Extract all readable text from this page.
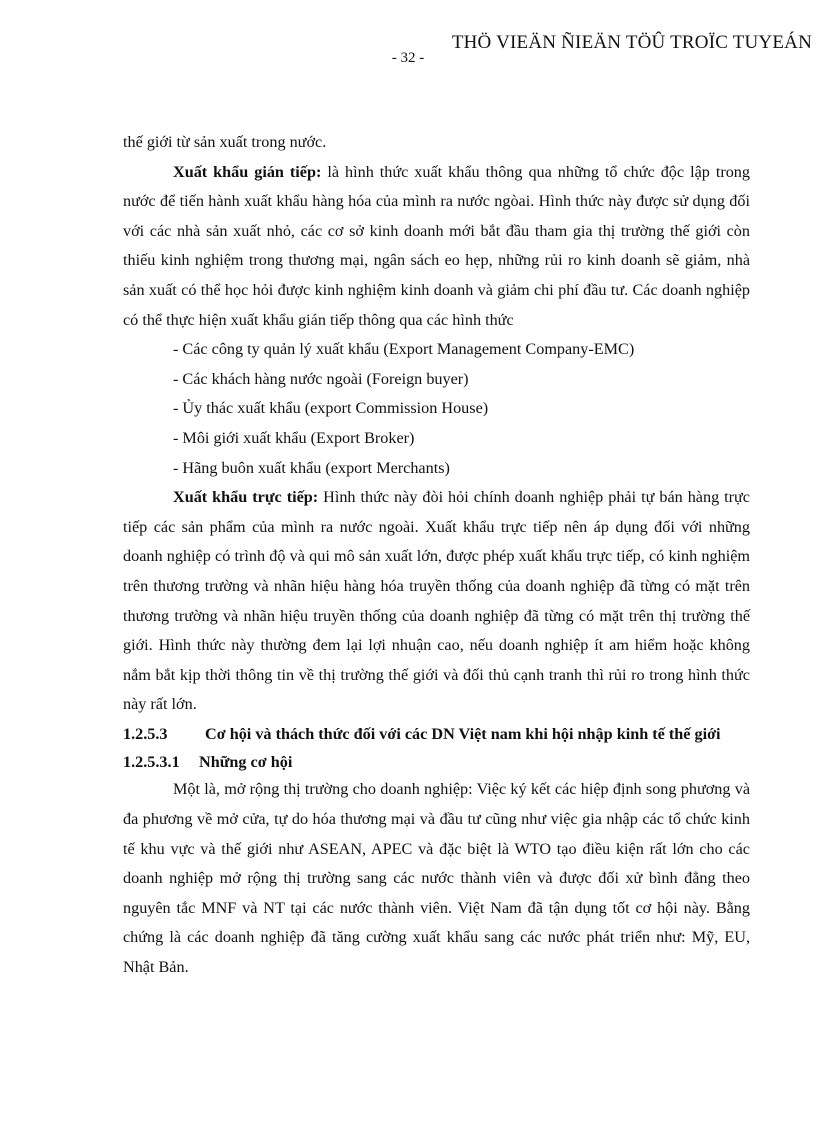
THÖ VIEÄN ÑIEÄN TÖÛ TROÏC TUYEÁN
- 32 -

thế giới từ sản xuất trong nước.

Xuất khẩu gián tiếp: là hình thức xuất khẩu thông qua những tổ chức độc lập trong nước để tiến hành xuất khẩu hàng hóa của mình ra nước ngòai. Hình thức này được sử dụng đối với các nhà sản xuất nhỏ, các cơ sở kinh doanh mới bắt đầu tham gia thị trường thế giới còn thiếu kinh nghiệm trong thương mại, ngân sách eo hẹp, những rủi ro kinh doanh sẽ giảm, nhà sản xuất có thể học hỏi được kinh nghiệm kinh doanh và giảm chi phí đầu tư. Các doanh nghiệp có thể thực hiện xuất khẩu gián tiếp thông qua các hình thức

- Các công ty quản lý xuất khẩu (Export Management Company-EMC)

- Các khách hàng nước ngoài (Foreign buyer)

- Ủy thác xuất khẩu (export Commission House)

- Môi giới xuất khẩu (Export Broker)

- Hãng buôn xuất khẩu (export Merchants)

Xuất khẩu trực tiếp: Hình thức này đòi hỏi chính doanh nghiệp phải tự bán hàng trực tiếp các sản phẩm của mình ra nước ngoài. Xuất khẩu trực tiếp nên áp dụng đối với những doanh nghiệp có trình độ và qui mô sản xuất lớn, được phép xuất khẩu trực tiếp, có kinh nghiệm trên thương trường và nhãn hiệu hàng hóa truyền thống của doanh nghiệp đã từng có mặt trên thương trường và nhãn hiệu truyền thống của doanh nghiệp đã từng có mặt trên thị trường thế giới. Hình thức này thường đem lại lợi nhuận cao, nếu doanh nghiệp ít am hiểm hoặc không nắm bắt kịp thời thông tin về thị trường thế giới và đối thủ cạnh tranh thì rủi ro trong hình thức này rất lớn.

1.2.5.3 Cơ hội và thách thức đối với các DN Việt nam khi hội nhập kinh tế thế giới

1.2.5.3.1 Những cơ hội

Một là, mở rộng thị trường cho doanh nghiệp: Việc ký kết các hiệp định song phương và đa phương về mở cửa, tự do hóa thương mại và đầu tư cũng như việc gia nhập các tổ chức kinh tế khu vực và thế giới như ASEAN, APEC và đặc biệt là WTO tạo điều kiện rất lớn cho các doanh nghiệp mở rộng thị trường sang các nước thành viên và được đối xử bình đẳng theo nguyên tắc MNF và NT tại các nước thành viên. Việt Nam đã tận dụng tốt cơ hội này. Bằng chứng là các doanh nghiệp đã tăng cường xuất khẩu sang các nước phát triển như: Mỹ, EU, Nhật Bản.
